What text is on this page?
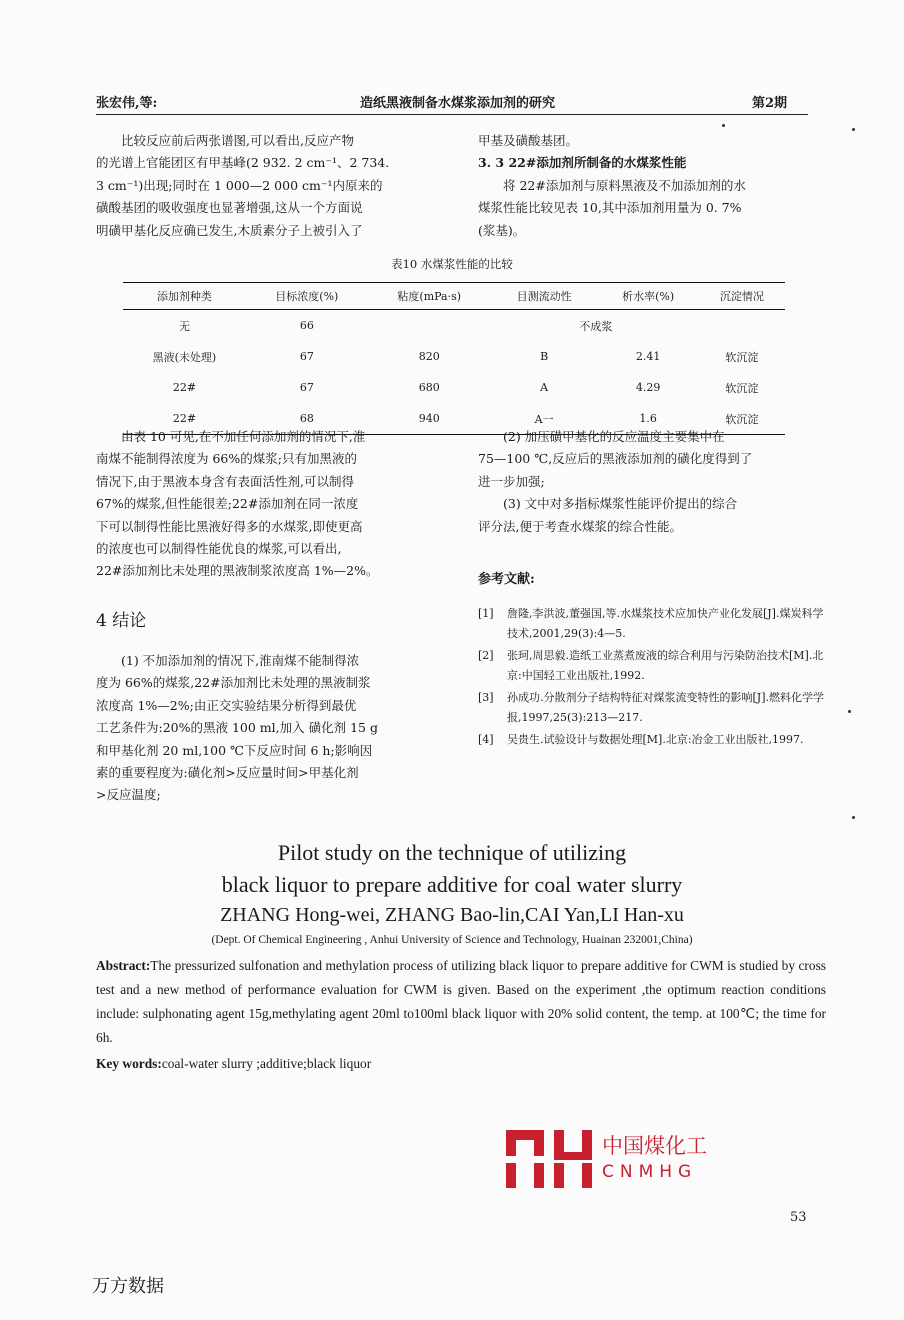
张宏伟,等:	造纸黑液制备水煤浆添加剂的研究	第2期

比较反应前后两张谱图,可以看出,反应产物

的光谱上官能团区有甲基峰(2 932. 2 cm⁻¹、2 734.

3 cm⁻¹)出现;同时在 1 000—2 000 cm⁻¹内原来的

磺酸基团的吸收强度也显著增强,这从一个方面说

明磺甲基化反应确已发生,木质素分子上被引入了

甲基及磺酸基团。

3. 3 22#添加剂所制备的水煤浆性能

将 22#添加剂与原料黑液及不加添加剂的水

煤浆性能比较见表 10,其中添加剂用量为 0. 7%

(浆基)。

表10 水煤浆性能的比较
添加剂种类	目标浓度(%)	粘度(mPa·s)	目测流动性	析水率(%)	沉淀情况
无	66	不成浆			
黑液(未处理)	67	820	B	2.41	软沉淀
22#	67	680	A	4.29	软沉淀
22#	68	940	A一	1.6	软沉淀

由表 10 可见,在不加任何添加剂的情况下,淮

南煤不能制得浓度为 66%的煤浆;只有加黑液的

情况下,由于黑液本身含有表面活性剂,可以制得

67%的煤浆,但性能很差;22#添加剂在同一浓度

下可以制得性能比黑液好得多的水煤浆,即使更高

的浓度也可以制得性能优良的煤浆,可以看出,

22#添加剂比未处理的黑液制浆浓度高 1%—2%。

4 结论

(1) 不加添加剂的情况下,淮南煤不能制得浓

度为 66%的煤浆,22#添加剂比未处理的黑液制浆

浓度高 1%—2%;由正交实验结果分析得到最优

工艺条件为:20%的黑液 100 ml,加入 磺化剂 15 g

和甲基化剂 20 ml,100 ℃下反应时间 6 h;影响因

素的重要程度为:磺化剂>反应量时间>甲基化剂

>反应温度;

(2) 加压磺甲基化的反应温度主要集中在

75—100 ℃,反应后的黑液添加剂的磺化度得到了

进一步加强;

(3) 文中对多指标煤浆性能评价提出的综合

评分法,便于考查水煤浆的综合性能。

参考文献:
[1]	詹隆,李洪波,董强国,等.水煤浆技术应加快产业化发展[J].煤炭科学技术,2001,29(3):4—5.
[2]	张珂,周思毅.造纸工业蒸煮废液的综合利用与污染防治技术[M].北京:中国轻工业出版社,1992.
[3]	孙成功.分散剂分子结构特征对煤浆流变特性的影响[J].燃料化学学报,1997,25(3):213—217.
[4]	吴贵生.试验设计与数据处理[M].北京:冶金工业出版社,1997.
Pilot study on the technique of utilizing
black liquor to prepare additive for coal water slurry
ZHANG Hong-wei, ZHANG Bao-lin,CAI Yan,LI Han-xu
(Dept. Of Chemical Engineering , Anhui University of Science and Technology, Huainan 232001,China)
Abstract:The pressurized sulfonation and methylation process of utilizing black liquor to prepare additive for CWM is studied by cross test and a new method of performance evaluation for CWM is given. Based on the experiment ,the optimum reaction conditions include: sulphonating agent 15g,methylating agent 20ml to100ml black liquor with 20% solid content, the temp. at 100℃; the time for 6h.
Key words:coal-water slurry ;additive;black liquor
中国煤化工
CNMHG
53
万方数据
